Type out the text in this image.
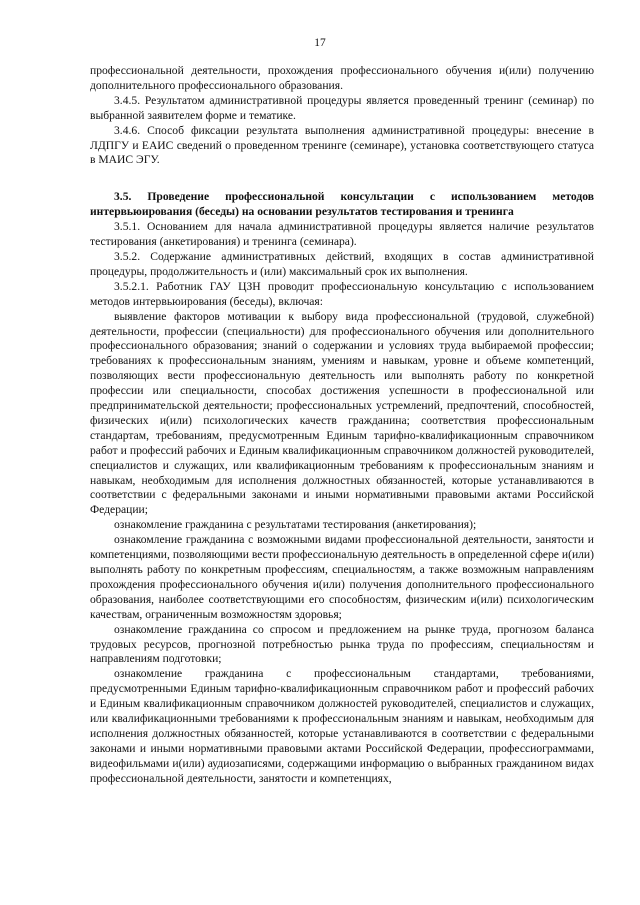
17

профессиональной деятельности, прохождения профессионального обучения и(или) получению дополнительного профессионального образования.

3.4.5. Результатом административной процедуры является проведенный тренинг (семинар) по выбранной заявителем форме и тематике.

3.4.6. Способ фиксации результата выполнения административной процедуры: внесение в ЛДПГУ и ЕАИС сведений о проведенном тренинге (семинаре), установка соответствующего статуса в МАИС ЭГУ.

3.5. Проведение профессиональной консультации с использованием методов интервьюирования (беседы) на основании результатов тестирования и тренинга

3.5.1. Основанием для начала административной процедуры является наличие результатов тестирования (анкетирования) и тренинга (семинара).

3.5.2. Содержание административных действий, входящих в состав административной процедуры, продолжительность и (или) максимальный срок их выполнения.

3.5.2.1. Работник ГАУ ЦЗН проводит профессиональную консультацию с использованием методов интервьюирования (беседы), включая:

выявление факторов мотивации к выбору вида профессиональной (трудовой, служебной) деятельности, профессии (специальности) для профессионального обучения или дополнительного профессионального образования; знаний о содержании и условиях труда выбираемой профессии; требованиях к профессиональным знаниям, умениям и навыкам, уровне и объеме компетенций, позволяющих вести профессиональную деятельность или выполнять работу по конкретной профессии или специальности, способах достижения успешности в профессиональной или предпринимательской деятельности; профессиональных устремлений, предпочтений, способностей, физических и(или) психологических качеств гражданина; соответствия профессиональным стандартам, требованиям, предусмотренным Единым тарифно-квалификационным справочником работ и профессий рабочих и Единым квалификационным справочником должностей руководителей, специалистов и служащих, или квалификационным требованиям к профессиональным знаниям и навыкам, необходимым для исполнения должностных обязанностей, которые устанавливаются в соответствии с федеральными законами и иными нормативными правовыми актами Российской Федерации;

ознакомление гражданина с результатами тестирования (анкетирования);

ознакомление гражданина с возможными видами профессиональной деятельности, занятости и компетенциями, позволяющими вести профессиональную деятельность в определенной сфере и(или) выполнять работу по конкретным профессиям, специальностям, а также возможным направлениям прохождения профессионального обучения и(или) получения дополнительного профессионального образования, наиболее соответствующими его способностям, физическим и(или) психологическим качествам, ограниченным возможностям здоровья;

ознакомление гражданина со спросом и предложением на рынке труда, прогнозом баланса трудовых ресурсов, прогнозной потребностью рынка труда по профессиям, специальностям и направлениям подготовки;

ознакомление гражданина с профессиональным стандартами, требованиями, предусмотренными Единым тарифно-квалификационным справочником работ и профессий рабочих и Единым квалификационным справочником должностей руководителей, специалистов и служащих, или квалификационными требованиями к профессиональным знаниям и навыкам, необходимым для исполнения должностных обязанностей, которые устанавливаются в соответствии с федеральными законами и иными нормативными правовыми актами Российской Федерации, профессиограммами, видеофильмами и(или) аудиозаписями, содержащими информацию о выбранных гражданином видах профессиональной деятельности, занятости и компетенциях,
